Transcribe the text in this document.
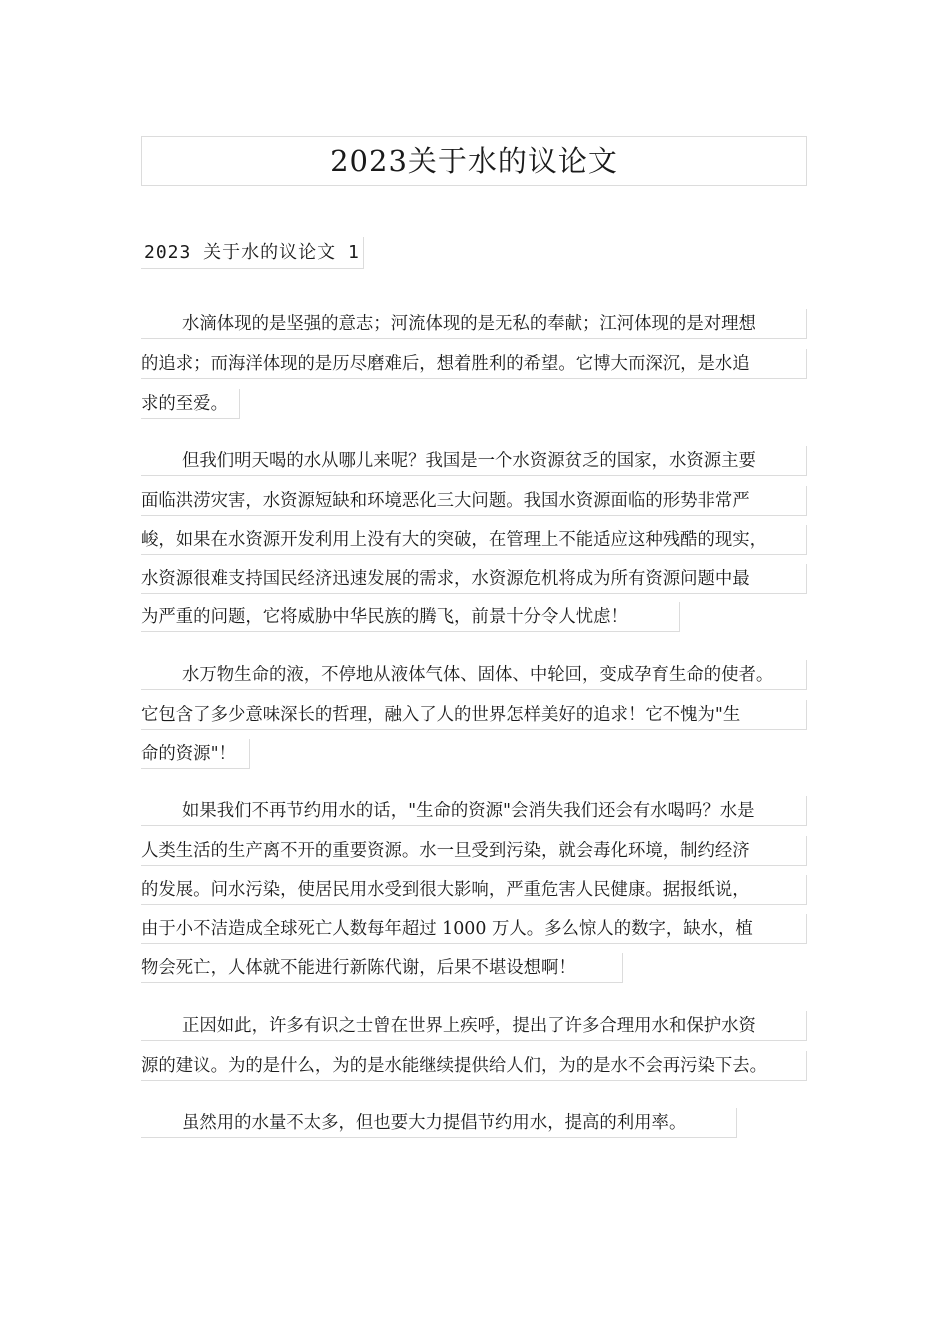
2023关于水的议论文
2023 关于水的议论文 1
水滴体现的是坚强的意志；河流体现的是无私的奉献；江河体现的是对理想
的追求；而海洋体现的是历尽磨难后，想着胜利的希望。它博大而深沉，是水追
求的至爱。
但我们明天喝的水从哪儿来呢？我国是一个水资源贫乏的国家，水资源主要
面临洪涝灾害，水资源短缺和环境恶化三大问题。我国水资源面临的形势非常严
峻，如果在水资源开发利用上没有大的突破，在管理上不能适应这种残酷的现实，
水资源很难支持国民经济迅速发展的需求，水资源危机将成为所有资源问题中最
为严重的问题，它将威胁中华民族的腾飞，前景十分令人忧虑！
水万物生命的液，不停地从液体气体、固体、中轮回，变成孕育生命的使者。
它包含了多少意味深长的哲理，融入了人的世界怎样美好的追求！它不愧为"生
命的资源"！
如果我们不再节约用水的话，"生命的资源"会消失我们还会有水喝吗？水是
人类生活的生产离不开的重要资源。水一旦受到污染，就会毒化环境，制约经济
的发展。问水污染，使居民用水受到很大影响，严重危害人民健康。据报纸说，
由于小不洁造成全球死亡人数每年超过 1000 万人。多么惊人的数字，缺水，植
物会死亡，人体就不能进行新陈代谢，后果不堪设想啊！
正因如此，许多有识之士曾在世界上疾呼，提出了许多合理用水和保护水资
源的建议。为的是什么，为的是水能继续提供给人们，为的是水不会再污染下去。
虽然用的水量不太多，但也要大力提倡节约用水，提高的利用率。
